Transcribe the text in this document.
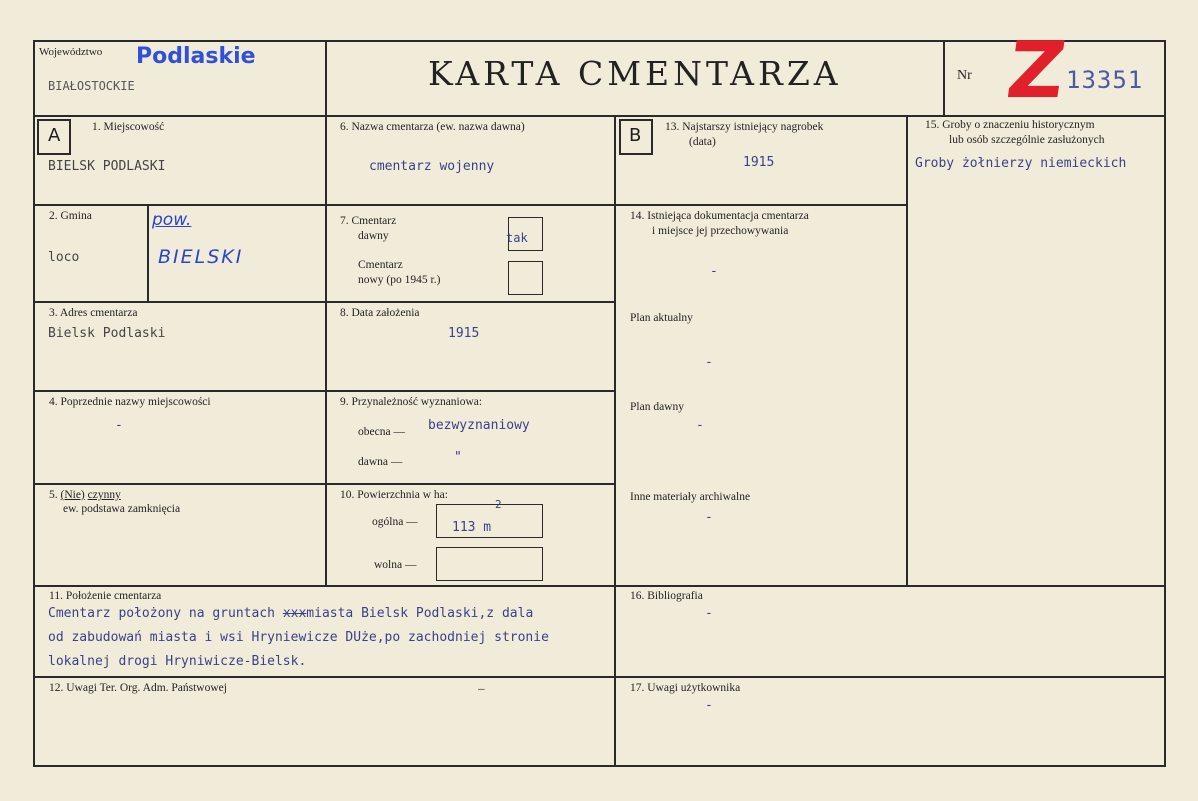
Województwo Podlaskie
BIAŁOSTOCKIE	KARTA CMENTARZA	Nr Z
13351
A	B
1. Miejscowość
BIELSK PODLASKI
2. Gmina
loco
pow.
BIELSKI
3. Adres cmentarza
Bielsk Podlaski
4. Poprzednie nazwy miejscowości
-
5. (Nie) czynny
ew. podstawa zamknięcia
6. Nazwa cmentarza (ew. nazwa dawna)
cmentarz wojenny
7. Cmentarz
dawny	tak
Cmentarz
nowy (po 1945 r.)
8. Data założenia
1915
9. Przynależność wyznaniowa:
obecna — bezwyznaniowy
dawna —	"
10. Powierzchnia w ha:
ogólna —	113 m
2
wolna —
11. Położenie cmentarza
Cmentarz położony na gruntach xxxmiasta Bielsk Podlaski,z dala
od zabudowań miasta i wsi Hryniewicze DUże,po zachodniej stronie
lokalnej drogi Hryniwicze-Bielsk.
12. Uwagi Ter. Org. Adm. Państwowej	—
13. Najstarszy istniejący nagrobek
(data)
1915
14. Istniejąca dokumentacja cmentarza
i miejsce jej przechowywania
-
Plan aktualny
-
Plan dawny
-
Inne materiały archiwalne
-
15. Groby o znaczeniu historycznym
lub osób szczególnie zasłużonych
Groby żołnierzy niemieckich
16. Bibliografia
-
17. Uwagi użytkownika
-
